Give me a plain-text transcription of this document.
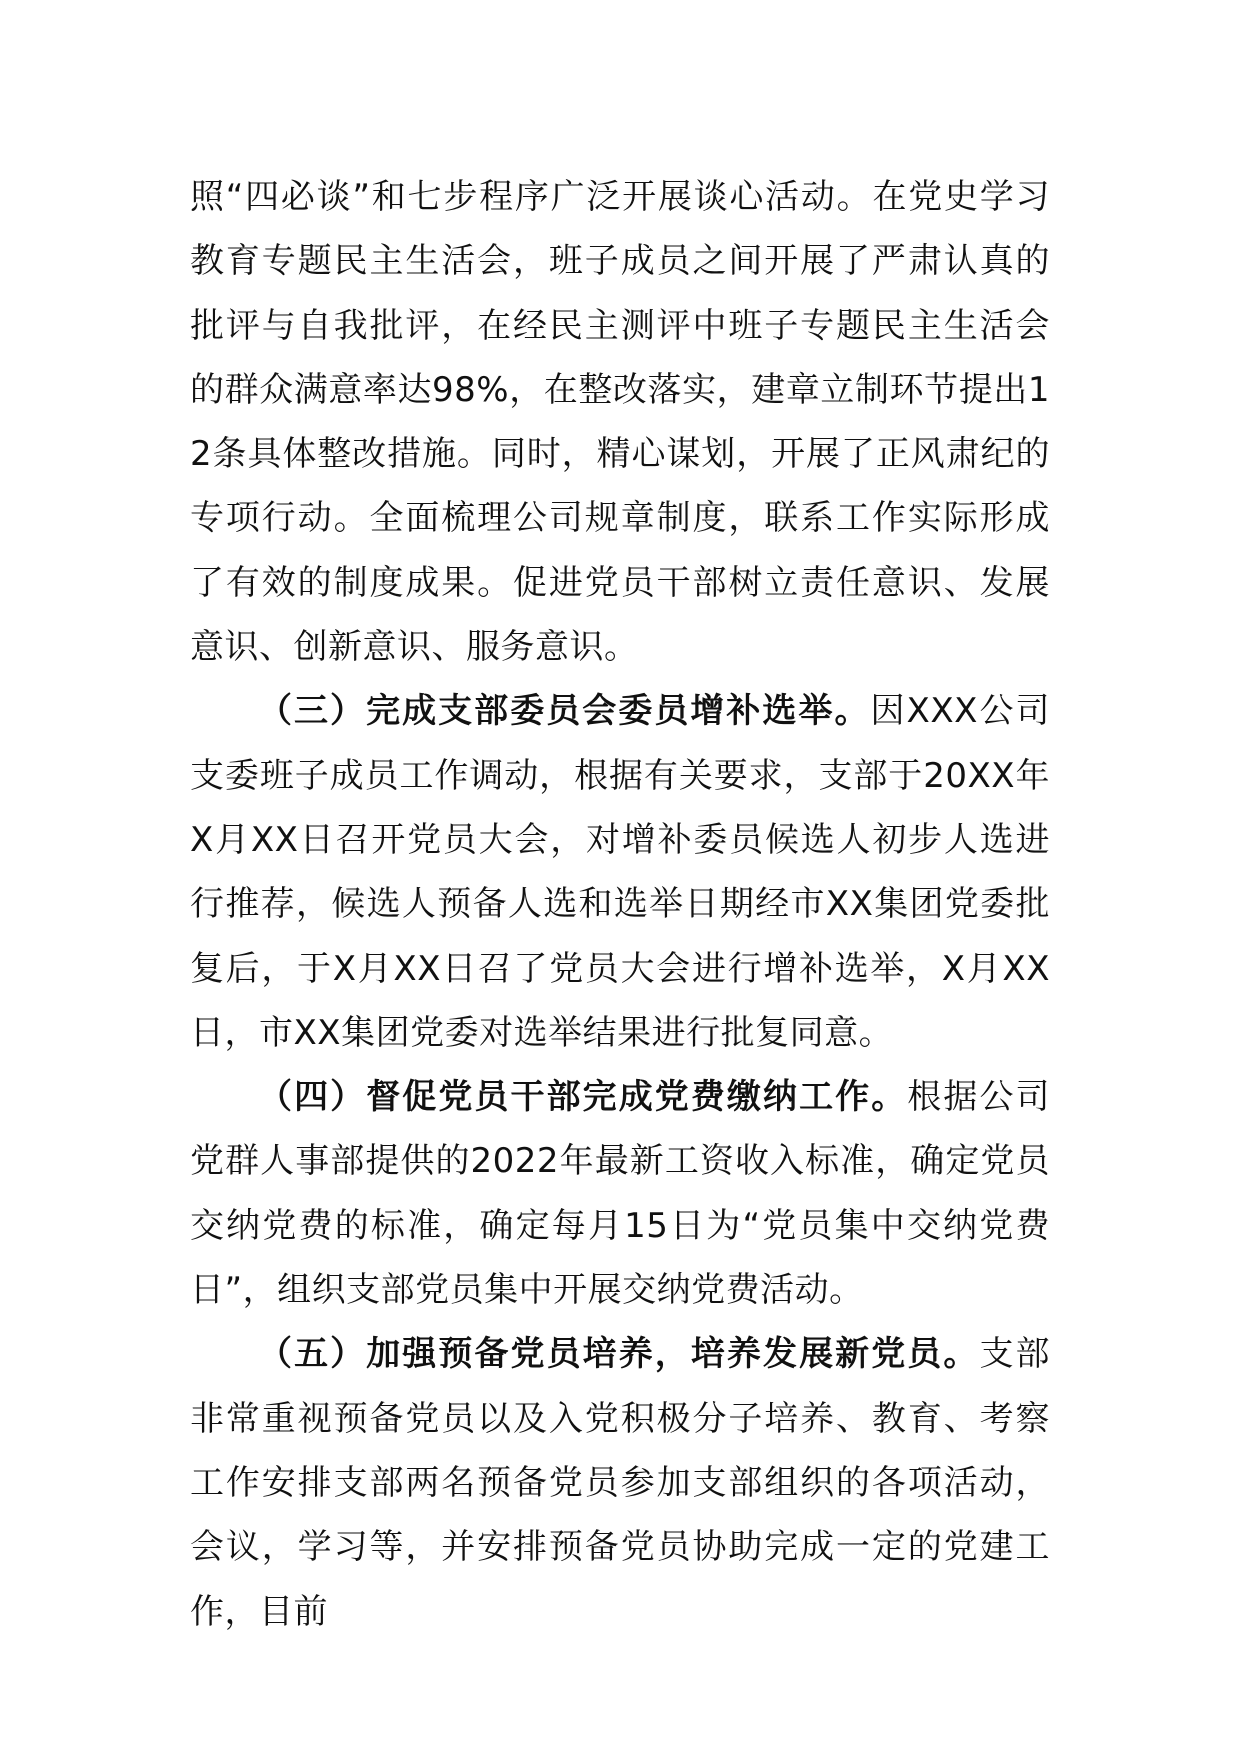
照“四必谈”和七步程序广泛开展谈心活动。在党史学习教育专题民主生活会，班子成员之间开展了严肃认真的批评与自我批评，在经民主测评中班子专题民主生活会的群众满意率达98%，在整改落实，建章立制环节提出12条具体整改措施。同时，精心谋划，开展了正风肃纪的专项行动。全面梳理公司规章制度，联系工作实际形成了有效的制度成果。促进党员干部树立责任意识、发展意识、创新意识、服务意识。

（三）完成支部委员会委员增补选举。因XXX公司支委班子成员工作调动，根据有关要求，支部于20XX年X月XX日召开党员大会，对增补委员候选人初步人选进行推荐，候选人预备人选和选举日期经市XX集团党委批复后，于X月XX日召了党员大会进行增补选举，X月XX日，市XX集团党委对选举结果进行批复同意。

（四）督促党员干部完成党费缴纳工作。根据公司党群人事部提供的2022年最新工资收入标准，确定党员交纳党费的标准，确定每月15日为“党员集中交纳党费日”，组织支部党员集中开展交纳党费活动。

（五）加强预备党员培养，培养发展新党员。支部非常重视预备党员以及入党积极分子培养、教育、考察工作安排支部两名预备党员参加支部组织的各项活动，会议，学习等，并安排预备党员协助完成一定的党建工作，目前
